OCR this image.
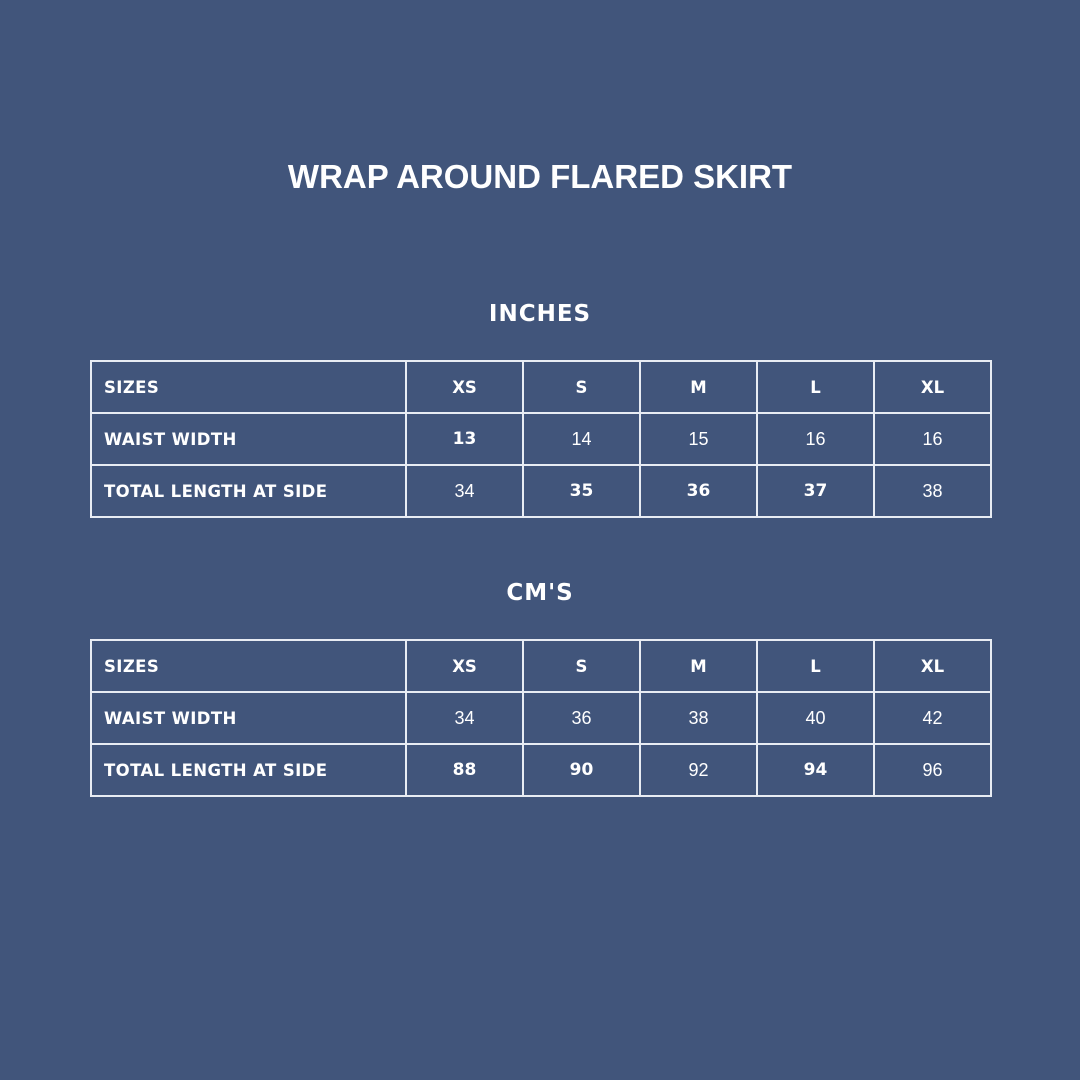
WRAP AROUND FLARED SKIRT
INCHES
SIZES	XS	S	M	L	XL
WAIST WIDTH	13	14	15	16	16
TOTAL LENGTH AT SIDE	34	35	36	37	38
CM'S
SIZES	XS	S	M	L	XL
WAIST WIDTH	34	36	38	40	42
TOTAL LENGTH AT SIDE	88	90	92	94	96
